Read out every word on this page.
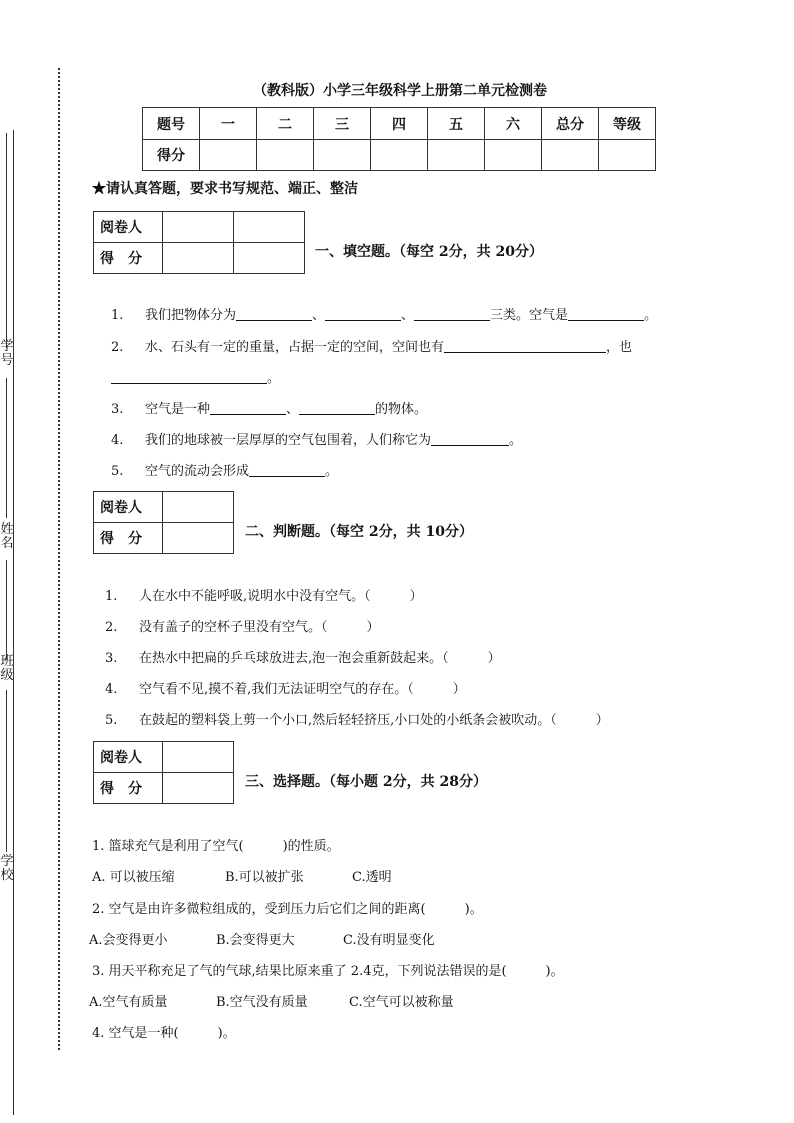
学号
姓名
班级
学校
（教科版）小学三年级科学上册第二单元检测卷
题号	一	二	三	四	五	六	总分	等级
得分								
★请认真答题，要求书写规范、端正、整洁
阅卷人		
得　分			一、填空题。（每空 2分，共 20分）
1. 我们把物体分为	、	、	三类。空气是	。
2. 水、石头有一定的重量，占据一定的空间，空间也有	，也
。
3. 空气是一种	、	的物体。
4. 我们的地球被一层厚厚的空气包围着，人们称它为	。
5. 空气的流动会形成	。
阅卷人	
得　分		二、判断题。（每空 2分，共 10分）
1. 人在水中不能呼吸,说明水中没有空气。（　　　）
2. 没有盖子的空杯子里没有空气。（　　　）
3. 在热水中把扁的乒乓球放进去,泡一泡会重新鼓起来。（　　　）
4. 空气看不见,摸不着,我们无法证明空气的存在。（　　　）
5. 在鼓起的塑料袋上剪一个小口,然后轻轻挤压,小口处的小纸条会被吹动。（　　　）
阅卷人	
得　分		三、选择题。（每小题 2分，共 28分）
1. 篮球充气是利用了空气(　　　)的性质。
A. 可以被压缩	B.可以被扩张	C.透明
2. 空气是由许多微粒组成的，受到压力后它们之间的距离(　　　)。
A.会变得更小	B.会变得更大	C.没有明显变化
3. 用天平称充足了气的气球,结果比原来重了 2.4克，下列说法错误的是(　　　)。
A.空气有质量	B.空气没有质量	C.空气可以被称量
4. 空气是一种(　　　)。
